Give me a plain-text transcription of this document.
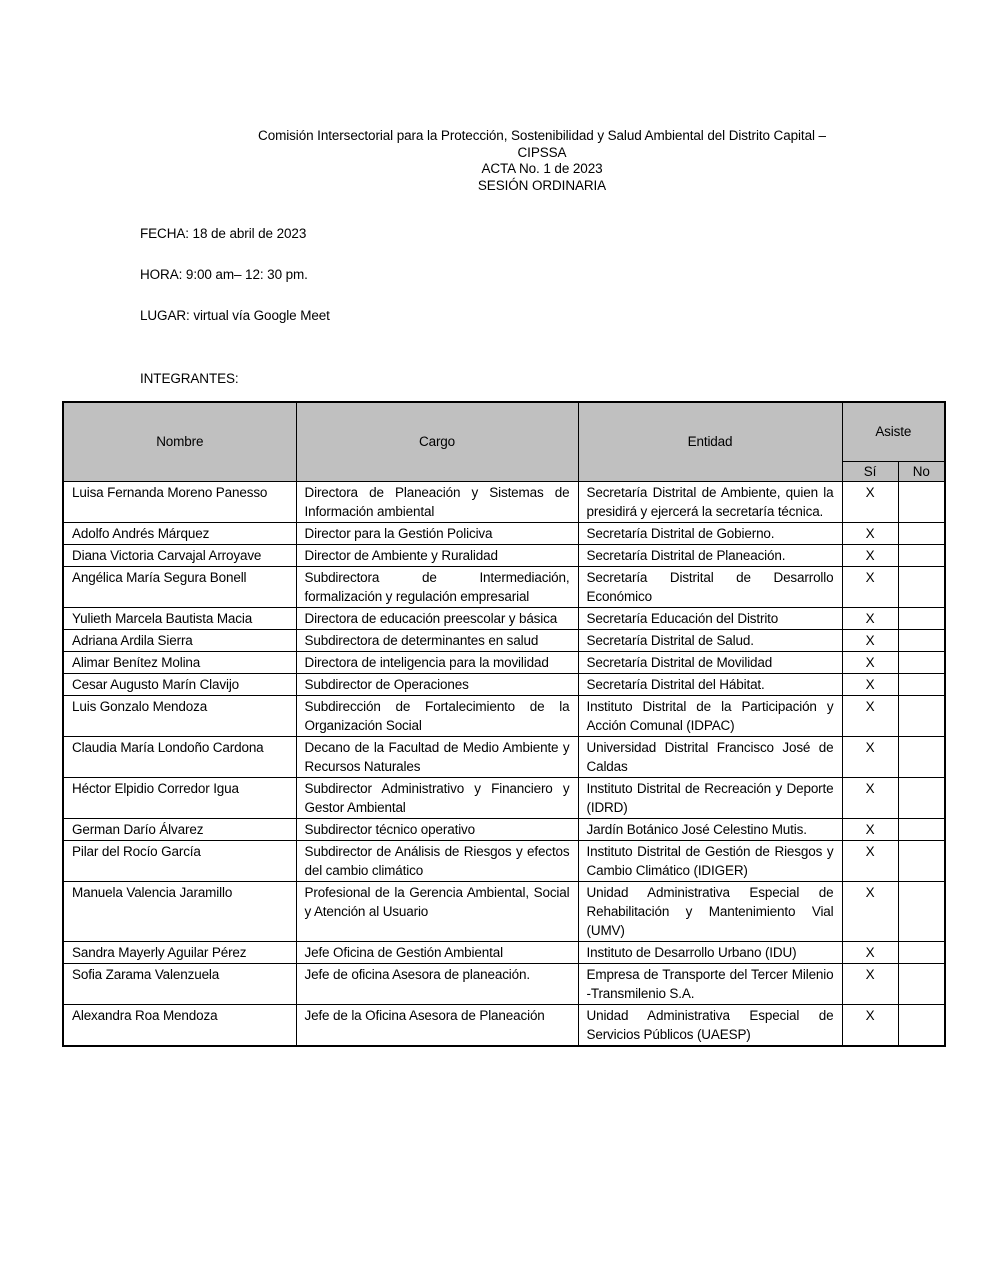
Comisión Intersectorial para la Protección, Sostenibilidad y Salud Ambiental del Distrito Capital –
CIPSSA
ACTA No. 1 de 2023
SESIÓN ORDINARIA
FECHA: 18 de abril de 2023
HORA: 9:00 am– 12: 30 pm.
LUGAR: virtual vía Google Meet
INTEGRANTES:
Nombre	Cargo	Entidad	Asiste	
			Sí	No
Luisa Fernanda Moreno Panesso	Directora de Planeación y Sistemas de Información ambiental	Secretaría Distrital de Ambiente, quien la presidirá y ejercerá la secretaría técnica.	X	
Adolfo Andrés Márquez	Director para la Gestión Policiva	Secretaría Distrital de Gobierno.	X	
Diana Victoria Carvajal Arroyave	Director de Ambiente y Ruralidad	Secretaría Distrital de Planeación.	X	
Angélica María Segura Bonell	Subdirectora de Intermediación, formalización y regulación empresarial	Secretaría Distrital de Desarrollo Económico	X	
Yulieth Marcela Bautista Macia	Directora de educación preescolar y básica	Secretaría Educación del Distrito	X	
Adriana Ardila Sierra	Subdirectora de determinantes en salud	Secretaría Distrital de Salud.	X	
Alimar Benítez Molina	Directora de inteligencia para la movilidad	Secretaría Distrital de Movilidad	X	
Cesar Augusto Marín Clavijo	Subdirector de Operaciones	Secretaría Distrital del Hábitat.	X	
Luis Gonzalo Mendoza	Subdirección de Fortalecimiento de la Organización Social	Instituto Distrital de la Participación y Acción Comunal (IDPAC)	X	
Claudia María Londoño Cardona	Decano de la Facultad de Medio Ambiente y Recursos Naturales	Universidad Distrital Francisco José de Caldas	X	
Héctor Elpidio Corredor Igua	Subdirector Administrativo y Financiero y Gestor Ambiental	Instituto Distrital de Recreación y Deporte (IDRD)	X	
German Darío Álvarez	Subdirector técnico operativo	Jardín Botánico José Celestino Mutis.	X	
Pilar del Rocío García	Subdirector de Análisis de Riesgos y efectos del cambio climático	Instituto Distrital de Gestión de Riesgos y Cambio Climático (IDIGER)	X	
Manuela Valencia Jaramillo	Profesional de la Gerencia Ambiental, Social y Atención al Usuario	Unidad Administrativa Especial de Rehabilitación y Mantenimiento Vial (UMV)	X	
Sandra Mayerly Aguilar Pérez	Jefe Oficina de Gestión Ambiental	Instituto de Desarrollo Urbano (IDU)	X	
Sofia Zarama Valenzuela	Jefe de oficina Asesora de planeación.	Empresa de Transporte del Tercer Milenio -Transmilenio S.A.	X	
Alexandra Roa Mendoza	Jefe de la Oficina Asesora de Planeación	Unidad Administrativa Especial de Servicios Públicos (UAESP)	X	
